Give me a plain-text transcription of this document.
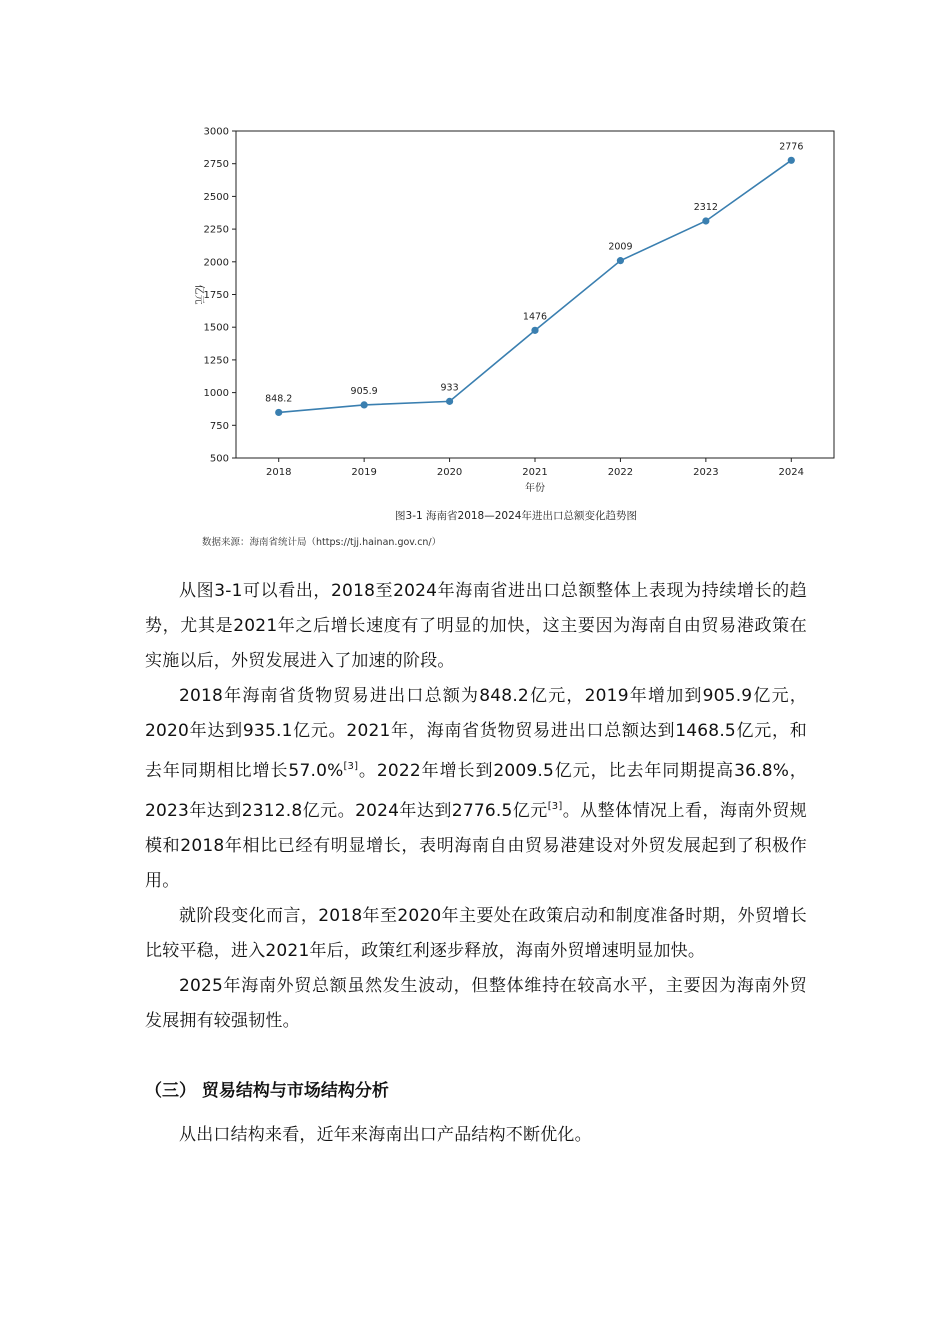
500
750
1000
1250
1500
1750
2000
2250
2500
2750
3000
2018	2019	2020	2021	2022	2023	2024
年份
亿元
848.2
905.9	933
1476
2009
2312
2776
图3-1 海南省2018—2024年进出口总额变化趋势图
数据来源：海南省统计局（https://tjj.hainan.gov.cn/）

从图3-1可以看出，2018至2024年海南省进出口总额整体上表现为持续增长的趋势，尤其是2021年之后增长速度有了明显的加快，这主要因为海南自由贸易港政策在实施以后，外贸发展进入了加速的阶段。

2018年海南省货物贸易进出口总额为848.2亿元，2019年增加到905.9亿元，2020年达到935.1亿元。2021年，海南省货物贸易进出口总额达到1468.5亿元，和去年同期相比增长57.0%[3]。2022年增长到2009.5亿元，比去年同期提高36.8%，2023年达到2312.8亿元。2024年达到2776.5亿元[3]。从整体情况上看，海南外贸规模和2018年相比已经有明显增长，表明海南自由贸易港建设对外贸发展起到了积极作用。

就阶段变化而言，2018年至2020年主要处在政策启动和制度准备时期，外贸增长比较平稳，进入2021年后，政策红利逐步释放，海南外贸增速明显加快。

2025年海南外贸总额虽然发生波动，但整体维持在较高水平，主要因为海南外贸发展拥有较强韧性。

（三） 贸易结构与市场结构分析

从出口结构来看，近年来海南出口产品结构不断优化。
